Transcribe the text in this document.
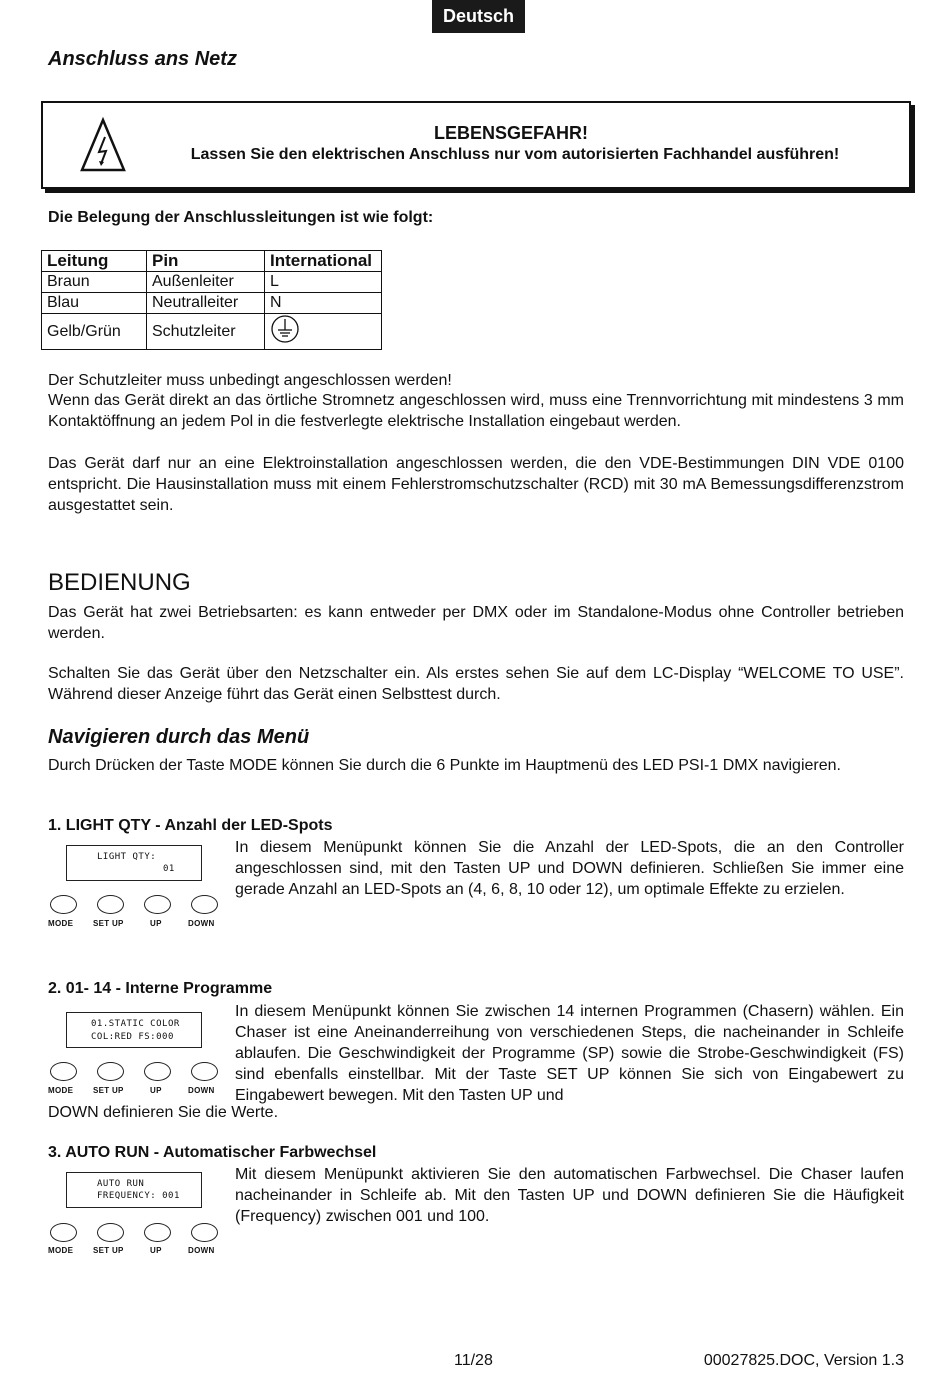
Deutsch
Anschluss ans Netz
LEBENSGEFAHR!
Lassen Sie den elektrischen Anschluss nur vom autorisierten Fachhandel ausführen!
Die Belegung der Anschlussleitungen ist wie folgt:
Leitung	Pin	International
Braun	Außenleiter	L
Blau	Neutralleiter	N
Gelb/Grün	Schutzleiter	
Der Schutzleiter muss unbedingt angeschlossen werden!
Wenn das Gerät direkt an das örtliche Stromnetz angeschlossen wird, muss eine Trennvorrichtung mit mindestens 3 mm Kontaktöffnung an jedem Pol in die festverlegte elektrische Installation eingebaut werden.
Das Gerät darf nur an eine Elektroinstallation angeschlossen werden, die den VDE-Bestimmungen DIN VDE 0100 entspricht. Die Hausinstallation muss mit einem Fehlerstromschutzschalter (RCD) mit 30 mA Bemessungsdifferenzstrom ausgestattet sein.
BEDIENUNG
Das Gerät hat zwei Betriebsarten: es kann entweder per DMX oder im Standalone-Modus ohne Controller betrieben werden.
Schalten Sie das Gerät über den Netzschalter ein. Als erstes sehen Sie auf dem LC-Display “WELCOME TO USE”. Während dieser Anzeige führt das Gerät einen Selbsttest durch.
Navigieren durch das Menü
Durch Drücken der Taste MODE können Sie durch die 6 Punkte im Hauptmenü des LED PSI-1 DMX navigieren.
1. LIGHT QTY - Anzahl der LED-Spots
LIGHT QTY:
01
MODE SET UP	UP	DOWN
In diesem Menüpunkt können Sie die Anzahl der LED-Spots, die an den Controller angeschlossen sind, mit den Tasten UP und DOWN definieren. Schließen Sie immer eine gerade Anzahl an LED-Spots an (4, 6, 8, 10 oder 12), um optimale Effekte zu erzielen.
2. 01- 14 - Interne Programme
01.STATIC COLOR
COL:RED FS:000
MODE SET UP	UP	DOWN
In diesem Menüpunkt können Sie zwischen 14 internen Programmen (Chasern) wählen. Ein Chaser ist eine Aneinanderreihung von verschiedenen Steps, die nacheinander in Schleife ablaufen. Die Geschwindigkeit der Programme (SP) sowie die Strobe-Geschwindigkeit (FS) sind ebenfalls einstellbar. Mit der Taste SET UP können Sie sich von Eingabewert zu Eingabewert bewegen. Mit den Tasten UP und
DOWN definieren Sie die Werte.
3. AUTO RUN - Automatischer Farbwechsel
AUTO RUN
FREQUENCY: 001
MODE SET UP	UP	DOWN
Mit diesem Menüpunkt aktivieren Sie den automatischen Farbwechsel. Die Chaser laufen nacheinander in Schleife ab. Mit den Tasten UP und DOWN definieren Sie die Häufigkeit (Frequency) zwischen 001 und 100.
11/28	00027825.DOC, Version 1.3
